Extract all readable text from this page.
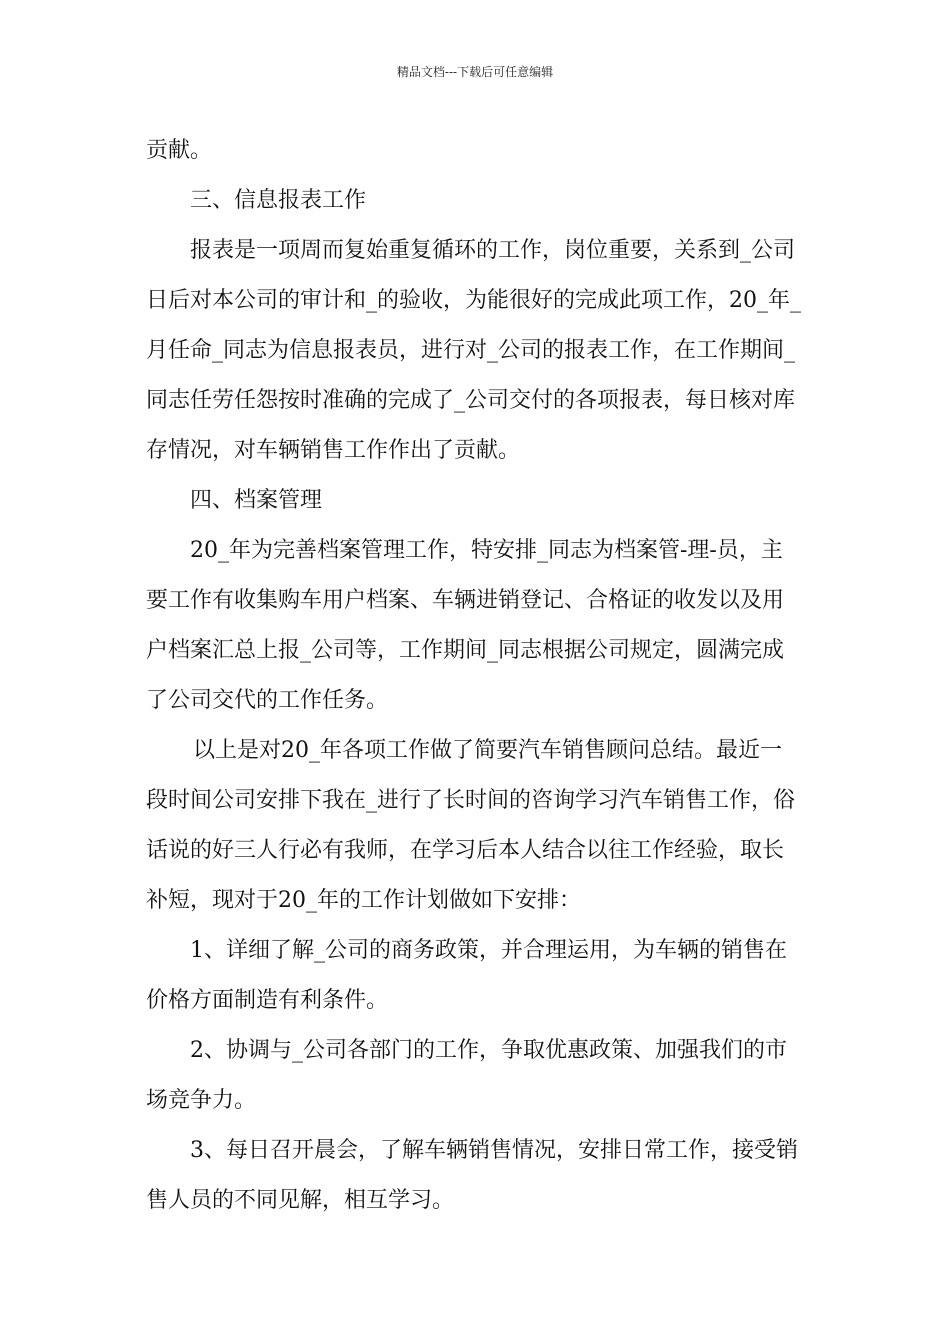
精品文档---下载后可任意编辑
贡献。
三、信息报表工作
报表是一项周而复始重复循环的工作，岗位重要，关系到_公司
日后对本公司的审计和_的验收，为能很好的完成此项工作，20_年_
月任命_同志为信息报表员，进行对_公司的报表工作，在工作期间_
同志任劳任怨按时准确的完成了_公司交付的各项报表，每日核对库
存情况，对车辆销售工作作出了贡献。
四、档案管理
20_年为完善档案管理工作，特安排_同志为档案管-理-员，主
要工作有收集购车用户档案、车辆进销登记、合格证的收发以及用
户档案汇总上报_公司等，工作期间_同志根据公司规定，圆满完成
了公司交代的工作任务。
以上是对20_年各项工作做了简要汽车销售顾问总结。最近一
段时间公司安排下我在_进行了长时间的咨询学习汽车销售工作，俗
话说的好三人行必有我师，在学习后本人结合以往工作经验，取长
补短，现对于20_年的工作计划做如下安排：
1、详细了解_公司的商务政策，并合理运用，为车辆的销售在
价格方面制造有利条件。
2、协调与_公司各部门的工作，争取优惠政策、加强我们的市
场竞争力。
3、每日召开晨会，了解车辆销售情况，安排日常工作，接受销
售人员的不同见解，相互学习。
